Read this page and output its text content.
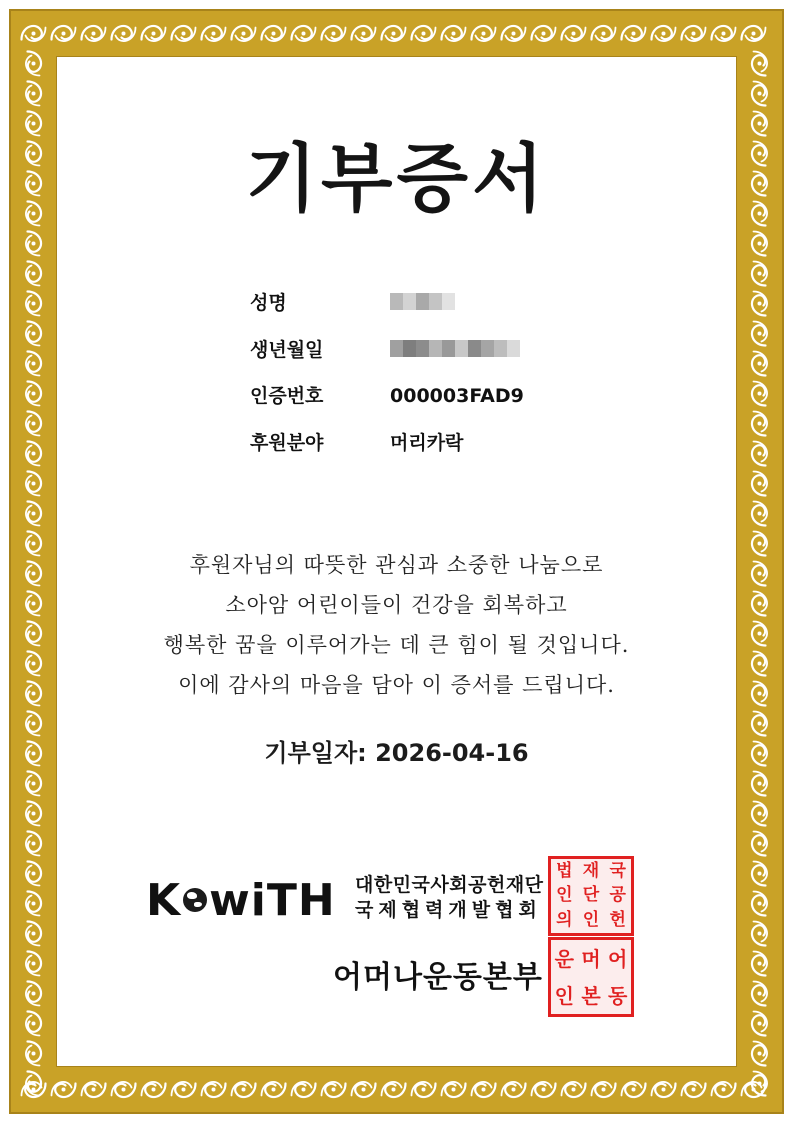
기부증서
성명
생년월일
인증번호	000003FAD9
후원분야	머리카락
후원자님의 따뜻한 관심과 소중한 나눔으로
소아암 어린이들이 건강을 회복하고
행복한 꿈을 이루어가는 데 큰 힘이 될 것입니다.
이에 감사의 마음을 담아 이 증서를 드립니다.
기부일자: 2026-04-16
K wiTH 대한민국사회공헌재단
국제협력개발협회
어머나운동본부
법 재 국
인 단 공
의 인 헌
운 머 어
인 본 동
